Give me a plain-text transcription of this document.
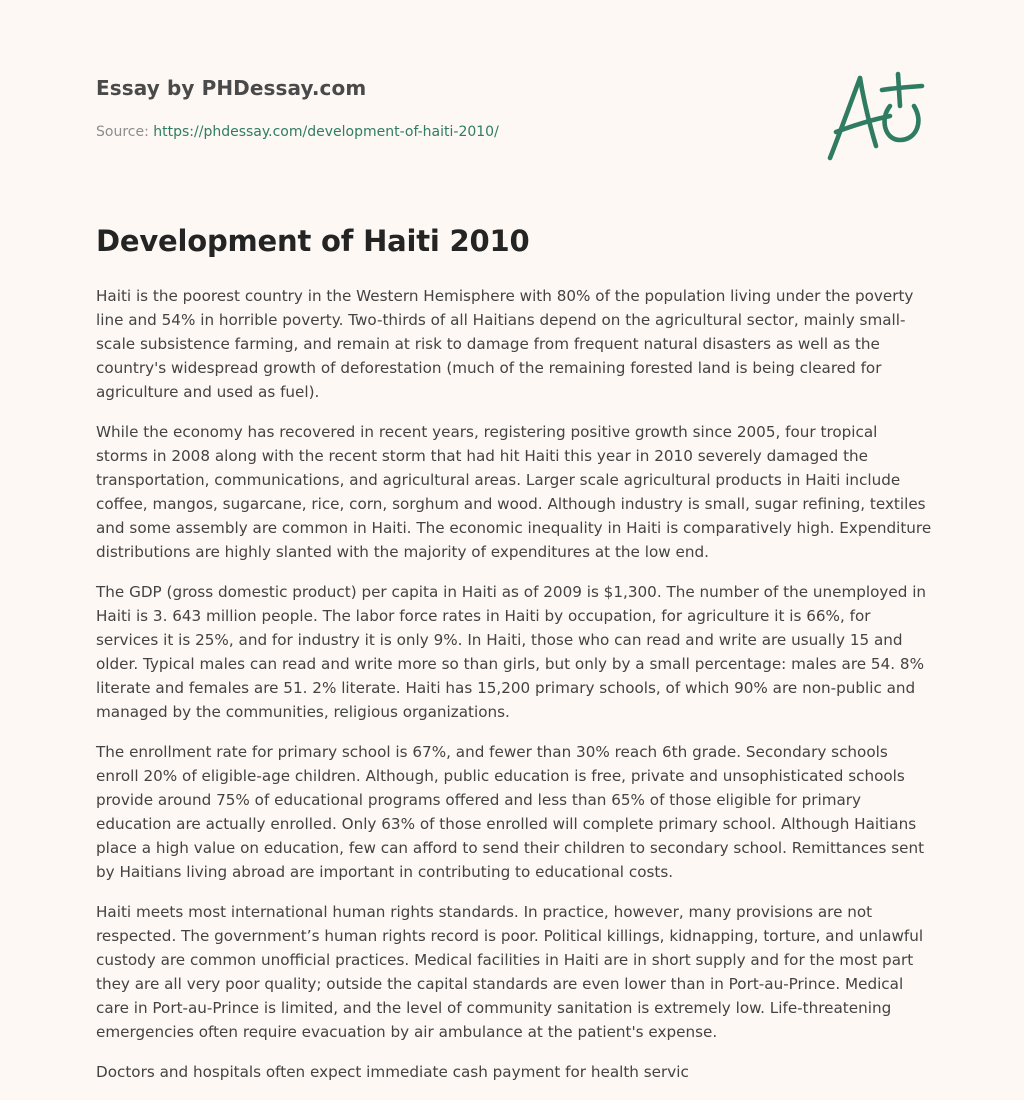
Essay by PHDessay.com
Source: https://phdessay.com/development-of-haiti-2010/
Development of Haiti 2010

Haiti is the poorest country in the Western Hemisphere with 80% of the population living under the poverty line and 54% in horrible poverty. Two-thirds of all Haitians depend on the agricultural sector, mainly small-scale subsistence farming, and remain at risk to damage from frequent natural disasters as well as the country's widespread growth of deforestation (much of the remaining forested land is being cleared for agriculture and used as fuel).

While the economy has recovered in recent years, registering positive growth since 2005, four tropical storms in 2008 along with the recent storm that had hit Haiti this year in 2010 severely damaged the transportation, communications, and agricultural areas. Larger scale agricultural products in Haiti include coffee, mangos, sugarcane, rice, corn, sorghum and wood. Although industry is small, sugar refining, textiles and some assembly are common in Haiti. The economic inequality in Haiti is comparatively high. Expenditure distributions are highly slanted with the majority of expenditures at the low end.

The GDP (gross domestic product) per capita in Haiti as of 2009 is $1,300. The number of the unemployed in Haiti is 3. 643 million people. The labor force rates in Haiti by occupation, for agriculture it is 66%, for services it is 25%, and for industry it is only 9%. In Haiti, those who can read and write are usually 15 and older. Typical males can read and write more so than girls, but only by a small percentage: males are 54. 8% literate and females are 51. 2% literate. Haiti has 15,200 primary schools, of which 90% are non-public and managed by the communities, religious organizations.

The enrollment rate for primary school is 67%, and fewer than 30% reach 6th grade. Secondary schools enroll 20% of eligible-age children. Although, public education is free, private and unsophisticated schools provide around 75% of educational programs offered and less than 65% of those eligible for primary education are actually enrolled. Only 63% of those enrolled will complete primary school. Although Haitians place a high value on education, few can afford to send their children to secondary school. Remittances sent by Haitians living abroad are important in contributing to educational costs.

Haiti meets most international human rights standards. In practice, however, many provisions are not respected. The government’s human rights record is poor. Political killings, kidnapping, torture, and unlawful custody are common unofficial practices. Medical facilities in Haiti are in short supply and for the most part they are all very poor quality; outside the capital standards are even lower than in Port-au-Prince. Medical care in Port-au-Prince is limited, and the level of community sanitation is extremely low. Life-threatening emergencies often require evacuation by air ambulance at the patient's expense.

Doctors and hospitals often expect immediate cash payment for health servic
